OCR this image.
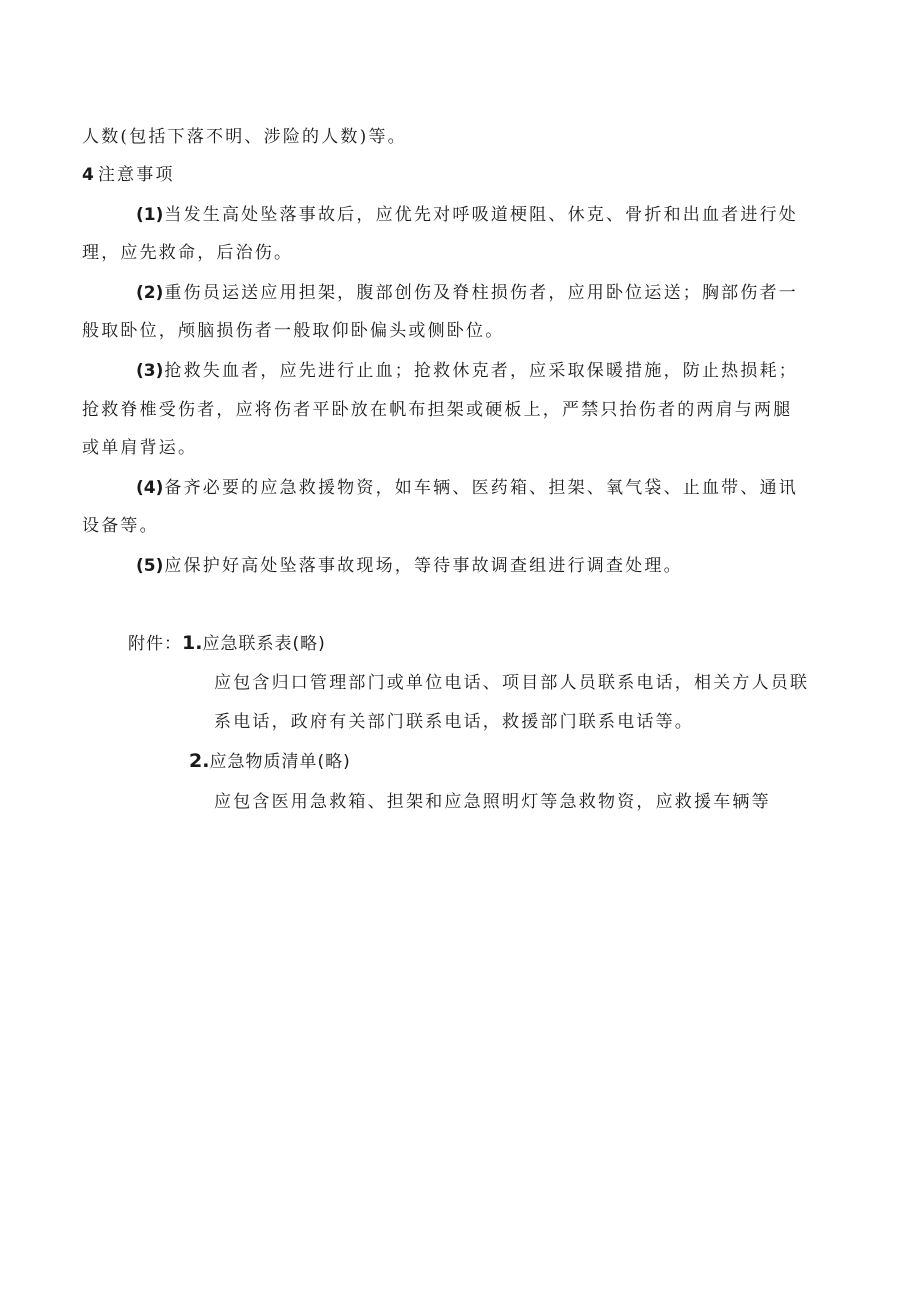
人数(包括下落不明、涉险的人数)等。
4 注意事项
(1)当发生高处坠落事故后，应优先对呼吸道梗阻、休克、骨折和出血者进行处
理，应先救命，后治伤。
(2)重伤员运送应用担架，腹部创伤及脊柱损伤者，应用卧位运送；胸部伤者一
般取卧位，颅脑损伤者一般取仰卧偏头或侧卧位。
(3)抢救失血者，应先进行止血；抢救休克者，应采取保暖措施，防止热损耗；
抢救脊椎受伤者，应将伤者平卧放在帆布担架或硬板上，严禁只抬伤者的两肩与两腿
或单肩背运。
(4)备齐必要的应急救援物资，如车辆、医药箱、担架、氧气袋、止血带、通讯
设备等。
(5)应保护好高处坠落事故现场，等待事故调查组进行调查处理。
附件：1.应急联系表(略)
应包含归口管理部门或单位电话、项目部人员联系电话，相关方人员联
系电话，政府有关部门联系电话，救援部门联系电话等。
2.应急物质清单(略)
应包含医用急救箱、担架和应急照明灯等急救物资，应救援车辆等
